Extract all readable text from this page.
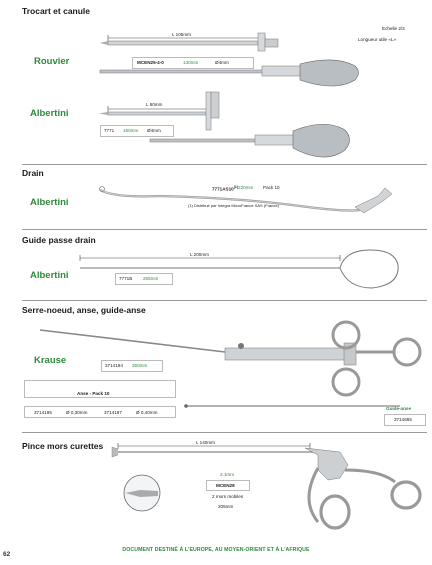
Trocart et canule
Echelle 2/3
Longueur utile «L»
Rouvier
L 105mm
MCEN25-4-0	130mm	Ø4mm
Albertini
L 80mm
7771 160mm Ø4mm
Drain
Albertini
7771AS10$^{(1)}$ 220mm Pack 10
(1) Distribué par Integra MicroFrance SAS (France)
Guide passe drain
Albertini
L 200mm
7771B 255mm
Serre-noeud, anse, guide-anse
Krause	3714194 260mm
Anse - Pack 10
3714195	Ø 0,30mm	3714197	Ø 0,40mm
Guide-anse
3714685
Pince mors curettes	L 140mm
2.1mm
MCEN28
2 mors mobiles
205mm
62
DOCUMENT DESTINÉ À L'EUROPE, AU MOYEN-ORIENT ET À L'AFRIQUE
